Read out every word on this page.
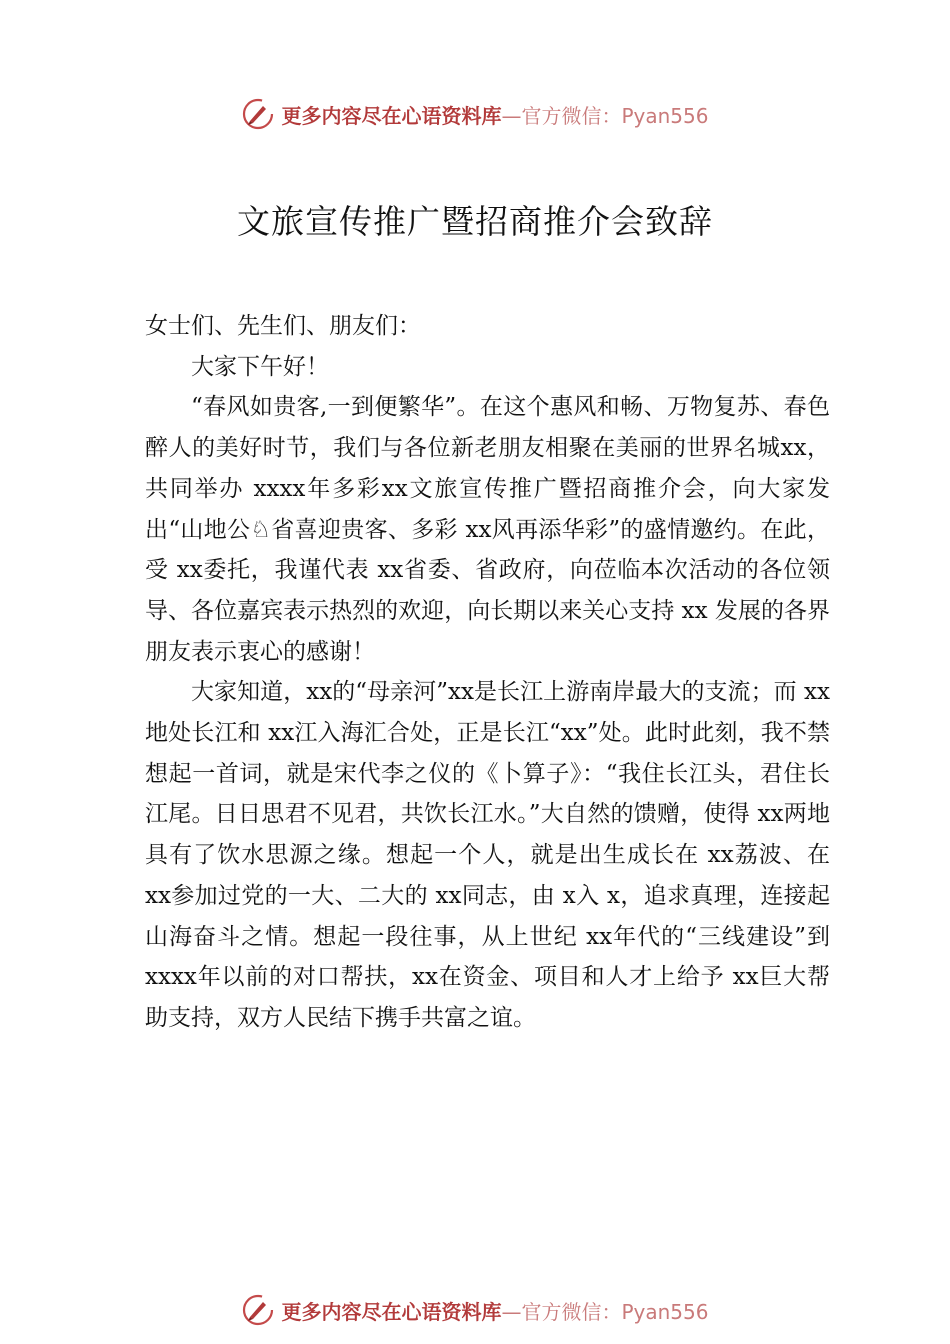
更多内容尽在心语资料库 —官方微信：Pyan556
文旅宣传推广暨招商推介会致辞

女士们、先生们、朋友们：

大家下午好！

“春风如贵客,一到便繁华”。在这个惠风和畅、万物复苏、春色醉人的美好时节，我们与各位新老朋友相聚在美丽的世界名城xx，共同举办 xxxx年多彩xx文旅宣传推广暨招商推介会，向大家发出“山地公♘省喜迎贵客、多彩 xx风再添华彩”的盛情邀约。在此，受 xx委托，我谨代表 xx省委、省政府，向莅临本次活动的各位领导、各位嘉宾表示热烈的欢迎，向长期以来关心支持 xx 发展的各界朋友表示衷心的感谢！

大家知道，xx的“母亲河”xx是长江上游南岸最大的支流；而 xx地处长江和 xx江入海汇合处，正是长江“xx”处。此时此刻，我不禁想起一首词，就是宋代李之仪的《卜算子》：“我住长江头，君住长江尾。日日思君不见君，共饮长江水。”大自然的馈赠，使得 xx两地具有了饮水思源之缘。想起一个人，就是出生成长在 xx荔波、在 xx参加过党的一大、二大的 xx同志，由 x入 x，追求真理，连接起山海奋斗之情。想起一段往事，从上世纪 xx年代的“三线建设”到 xxxx年以前的对口帮扶，xx在资金、项目和人才上给予 xx巨大帮助支持，双方人民结下携手共富之谊。

更多内容尽在心语资料库 —官方微信：Pyan556
